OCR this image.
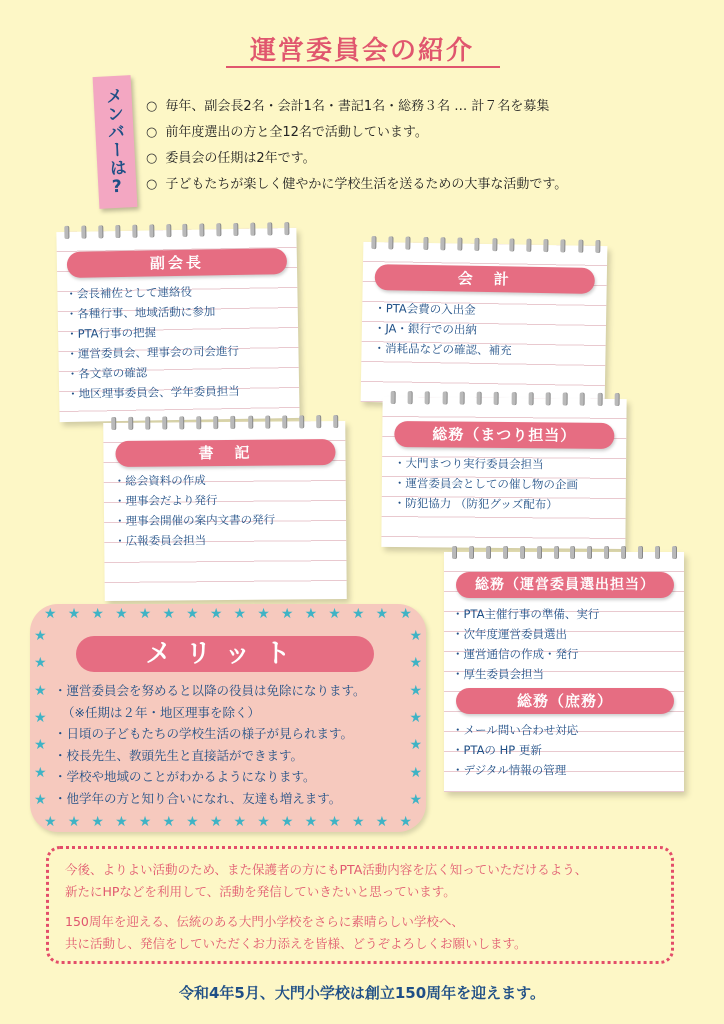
運営委員会の紹介
メンバーは?
○	毎年、副会長2名・会計1名・書記1名・総務３名 … 計７名を募集
○ 前年度選出の方と全12名で活動しています。
○ 委員会の任期は2年です。
○ 子どもたちが楽しく健やかに学校生活を送るための大事な活動です。
副会長
・会長補佐として連絡役
・各種行事、地域活動に参加
・PTA行事の把握
・運営委員会、理事会の司会進行
・各文章の確認
・地区理事委員会、学年委員担当
会　計
・PTA会費の入出金
・JA・銀行での出納
・消耗品などの確認、補充
書　記
・総会資料の作成
・理事会だより発行
・理事会開催の案内文書の発行
・広報委員会担当
総務（まつり担当）
・大門まつり実行委員会担当
・運営委員会としての催し物の企画
・防犯協力 （防犯グッズ配布）
総務（運営委員選出担当）
・PTA主催行事の準備、実行
・次年度運営委員選出
・運営通信の作成・発行
・厚生委員会担当
総務（庶務）
・メール問い合わせ対応
・PTAの HP 更新
・デジタル情報の管理
★ ★ ★ ★ ★ ★ ★ ★ ★ ★ ★ ★ ★ ★ ★ ★
★ ★ ★ ★ ★ ★ ★ ★ ★ ★ ★ ★ ★ ★ ★ ★
★
★
★
★
★
★
★
★
★
★
★
★
★
★
メリット
・運営委員会を努めると以降の役員は免除になります。
（※任期は２年・地区理事を除く）
・日頃の子どもたちの学校生活の様子が見られます。
・校長先生、教頭先生と直接話ができます。
・学校や地域のことがわかるようになります。
・他学年の方と知り合いになれ、友達も増えます。

今後、よりよい活動のため、また保護者の方にもPTA活動内容を広く知っていただけるよう、
新たにHPなどを利用して、活動を発信していきたいと思っています。

150周年を迎える、伝統のある大門小学校をさらに素晴らしい学校へ、
共に活動し、発信をしていただくお力添えを皆様、どうぞよろしくお願いします。

令和4年5月、大門小学校は創立150周年を迎えます。
